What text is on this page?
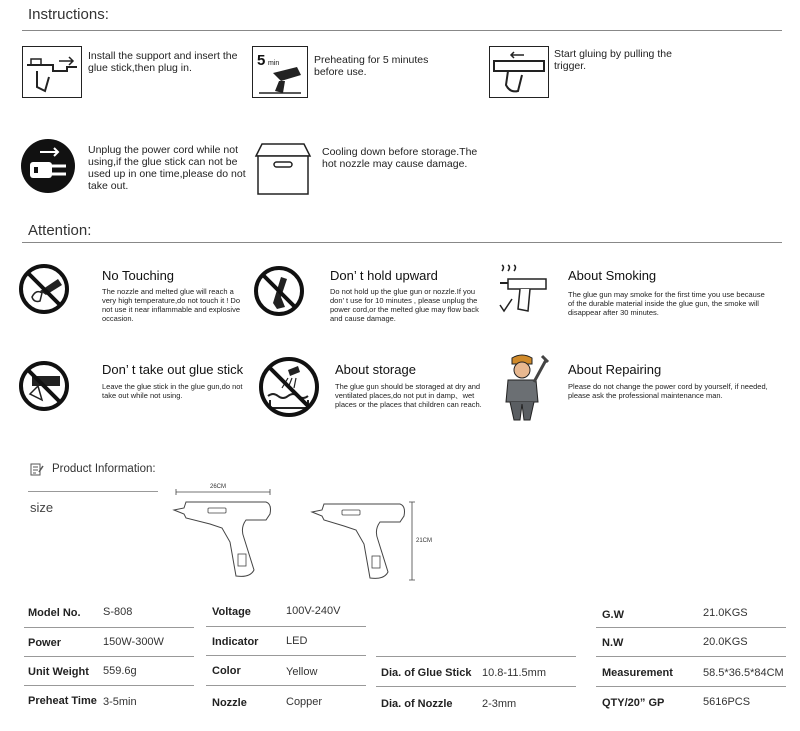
Instructions:
Install the support and insert the glue stick,then plug in.	5 min	Preheating for 5 minutes before use.
Start gluing by pulling the trigger.
Unplug the power cord while not using,if the glue stick can not be used up in one time,please do not take out.
Cooling down before storage.The hot nozzle may cause damage.
Attention:
No Touching
The nozzle and melted glue will reach a very high temperature,do not touch it ! Do not use it near inflammable and explosive occasion.
Don’ t hold upward
Do not hold up the glue gun or nozzle.If you don’ t use for 10 minutes , please unplug the power cord,or the melted glue may flow back and cause damage.
About Smoking
The glue gun may smoke for the first time you use because of the durable material inside the glue gun, the smoke will disappear after 30 minutes.
Don’ t take out glue stick
Leave the glue stick in the glue gun,do not take out while not using.
About storage
The glue gun should be storaged at dry and ventilated places,do not put in damp、wet places or the places that children can reach.
About Repairing
Please do not change the power cord by yourself, if needed, please ask the professional maintenance man.
Product Information:
size
26CM
21CM
Model No. S-808
Power	150W-300W
Unit Weight 559.6g
Preheat Time 3-5min
Voltage	100V-240V
Indicator	LED
Color	Yellow
Nozzle	Copper
Dia. of Glue Stick 10.8-11.5mm
Dia. of Nozzle	2-3mm
G.W	21.0KGS
N.W	20.0KGS
Measurement	58.5*36.5*84CM
QTY/20” GP	5616PCS
